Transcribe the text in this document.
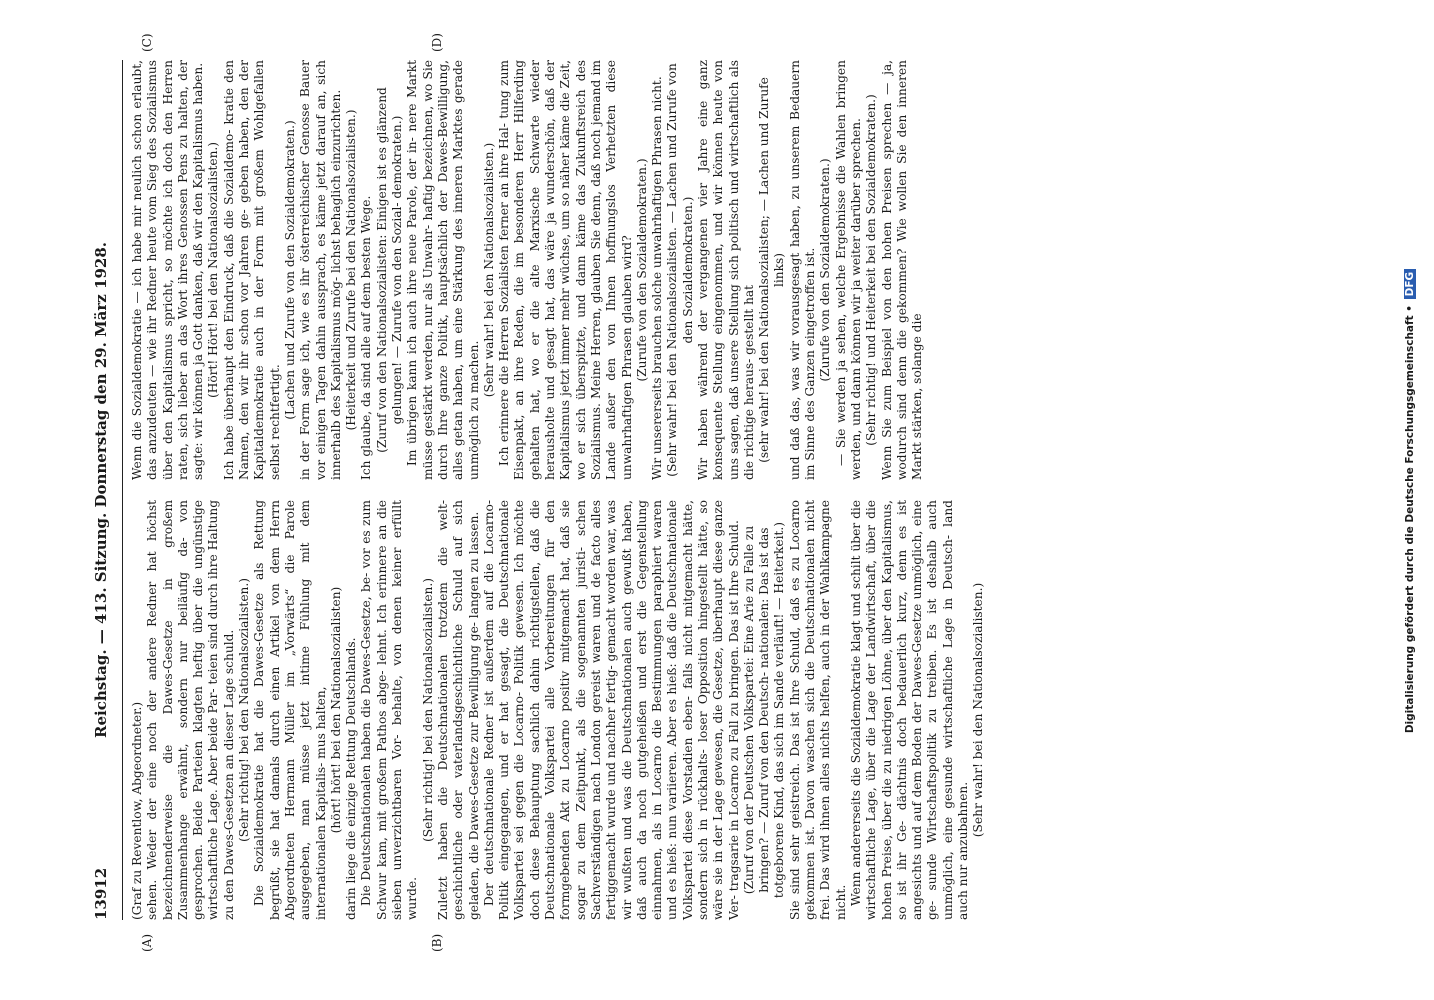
13912
Reichstag. — 413. Sitzung. Donnerstag den 29. März 1928.
(A)	(B)
(C)	(D)

(Graf zu Reventlow, Abgeordneter.) sehen. Weder der eine noch der andere Redner hat höchst bezeichnenderweise die Dawes-Gesetze in großem Zusammenhange erwähnt, sondern nur beiläufig da- von gesprochen. Beide Parteien klagten heftig über die ungünstige wirtschaftliche Lage. Aber beide Par- teien sind durch ihre Haltung zu den Dawes-Gesetzen an dieser Lage schuld. (Sehr richtig! bei den Nationalsozialisten.) Die Sozialdemokratie hat die Dawes-Gesetze als Rettung begrüßt, sie hat damals durch einen Artikel von dem Herrn Abgeordneten Hermann Müller im „Vorwärts“ die Parole ausgegeben, man müsse jetzt intime Fühlung mit dem internationalen Kapitalis- mus halten, (hört! hört! bei den Nationalsozialisten) darin liege die einzige Rettung Deutschlands. Die Deutschnationalen haben die Dawes-Gesetze, be- vor es zum Schwur kam, mit großem Pathos abge- lehnt. Ich erinnere an die sieben unverzichtbaren Vor- behalte, von denen keiner erfüllt wurde.

(Sehr richtig! bei den Nationalsozialisten.) Zuletzt haben die Deutschnationalen trotzdem die welt- geschichtliche oder vaterlandsgeschichtliche Schuld auf sich geladen, die Dawes-Gesetze zur Bewilligung ge- langen zu lassen. Der deutschnationale Redner ist außerdem auf die Locarno-Politik eingegangen, und er hat gesagt, die Deutschnationale Volkspartei sei gegen die Locarno- Politik gewesen. Ich möchte doch diese Behauptung sachlich dahin richtigstellen, daß die Deutschnationale Volkspartei alle Vorbereitungen für den formgebenden Akt zu Locarno positiv mitgemacht hat, daß sie sogar zu dem Zeitpunkt, als die sogenannten juristi- schen Sachverständigen nach London gereist waren und de facto alles fertiggemacht wurde und nachher fertig- gemacht worden war, was wir wußten und was die Deutschnationalen auch gewußt haben, daß auch da noch gutgeheißen und erst die Gegenstellung einnahmen, als in Locarno die Bestimmungen paraphiert waren und es hieß: nun variieren. Aber es hieß: daß die Deutschnationale Volkspartei diese Vorstadien eben- falls nicht mitgemacht hätte, sondern sich in rückhalts- loser Opposition hingestellt hätte, so wäre sie in der Lage gewesen, die Gesetze, überhaupt diese ganze Ver- tragsarie in Locarno zu Fall zu bringen. Das ist Ihre Schuld. (Zuruf von der Deutschen Volkspartei: Eine Arie zu Falle zu bringen? — Zuruf von den Deutsch- nationalen: Das ist das totgeborene Kind, das sich im Sande verläuft! — Heiterkeit.) Sie sind sehr geistreich. Das ist Ihre Schuld, daß es zu Locarno gekommen ist. Davon waschen sich die Deutschnationalen nicht frei. Das wird ihnen alles nichts helfen, auch in der Wahlkampagne nicht. Wenn andererseits die Sozialdemokratie klagt und schilt über die wirtschaftliche Lage, über die Lage der Landwirtschaft, über die hohen Preise, über die zu niedrigen Löhne, über den Kapitalismus, so ist ihr Ge- dächtnis doch bedauerlich kurz, denn es ist angesichts und auf dem Boden der Dawes-Gesetze unmöglich, eine ge- sunde Wirtschaftspolitik zu treiben. Es ist deshalb auch unmöglich, eine gesunde wirtschaftliche Lage in Deutsch- land auch nur anzubahnen.

(Sehr wahr! bei den Nationalsozialisten.)

Wenn die Sozialdemokratie — ich habe mir neulich schon erlaubt, das anzudeuten — wie ihr Redner heute vom Sieg des Sozialismus über den Kapitalismus spricht, so möchte ich doch den Herren raten, sich lieber an das Wort ihres Genossen Pens zu halten, der sagte: wir können ja Gott danken, daß wir den Kapitalismus haben. (Hört! Hört! bei den Nationalsozialisten.) Ich habe überhaupt den Eindruck, daß die Sozialdemo- kratie den Namen, den wir ihr schon vor Jahren ge- geben haben, den der Kapitaldemokratie auch in der Form mit großem Wohlgefallen selbst rechtfertigt.

(Lachen und Zurufe von den Sozialdemokraten.) in der Form sage ich, wie es ihr österreichischer Genosse Bauer vor einigen Tagen dahin aussprach, es käme jetzt darauf an, sich innerhalb des Kapitalismus mög- lichst behaglich einzurichten. (Heiterkeit und Zurufe bei den Nationalsozialisten.) Ich glaube, da sind alle auf dem besten Wege. (Zuruf von den Nationalsozialisten: Einigen ist es glänzend gelungen! — Zurufe von den Sozial- demokraten.) Im übrigen kann ich auch ihre neue Parole, der in- nere Markt müsse gestärkt werden, nur als Unwahr- haftig bezeichnen, wo Sie durch Ihre ganze Politik, hauptsächlich der Dawes-Bewilligung, alles getan haben, um eine Stärkung des inneren Marktes gerade unmöglich zu machen.

(Sehr wahr! bei den Nationalsozialisten.) Ich erinnere die Herren Sozialisten ferner an ihre Hal- tung zum Eisenpakt, an ihre Reden, die im besonderen Herr Hilferding gehalten hat, wo er die alte Marxische Schwarte wieder herausholte und gesagt hat, das wäre ja wunderschön, daß der Kapitalismus jetzt immer mehr wüchse, um so näher käme die Zeit, wo er sich überspitzte, und dann käme das Zukunftsreich des Sozialismus. Meine Herren, glauben Sie denn, daß noch jemand im Lande außer den von Ihnen hoffnungslos Verhetzten diese unwahrhaftigen Phrasen glauben wird? (Zurufe von den Sozialdemokraten.) Wir unsererseits brauchen solche unwahrhaftigen Phrasen nicht. (Sehr wahr! bei den Nationalsozialisten. — Lachen und Zurufe von den Sozialdemokraten.) Wir haben während der vergangenen vier Jahre eine ganz konsequente Stellung eingenommen, und wir können heute von uns sagen, daß unsere Stellung sich politisch und wirtschaftlich als die richtige heraus- gestellt hat (sehr wahr! bei den Nationalsozialisten; — Lachen und Zurufe links) und daß das, was wir vorausgesagt haben, zu unserem Bedauern im Sinne des Ganzen eingetroffen ist. (Zurufe von den Sozialdemokraten.) — Sie werden ja sehen, welche Ergebnisse die Wahlen bringen werden, und dann können wir ja weiter darüber sprechen. (Sehr richtig! und Heiterkeit bei den Sozialdemokraten.) Wenn Sie zum Beispiel von den hohen Preisen sprechen — ja, wodurch sind denn die gekommen? Wie wollen Sie den inneren Markt stärken, solange die	Digitalisierung gefördert durch die Deutsche Forschungsgemeinschaft • DFG
